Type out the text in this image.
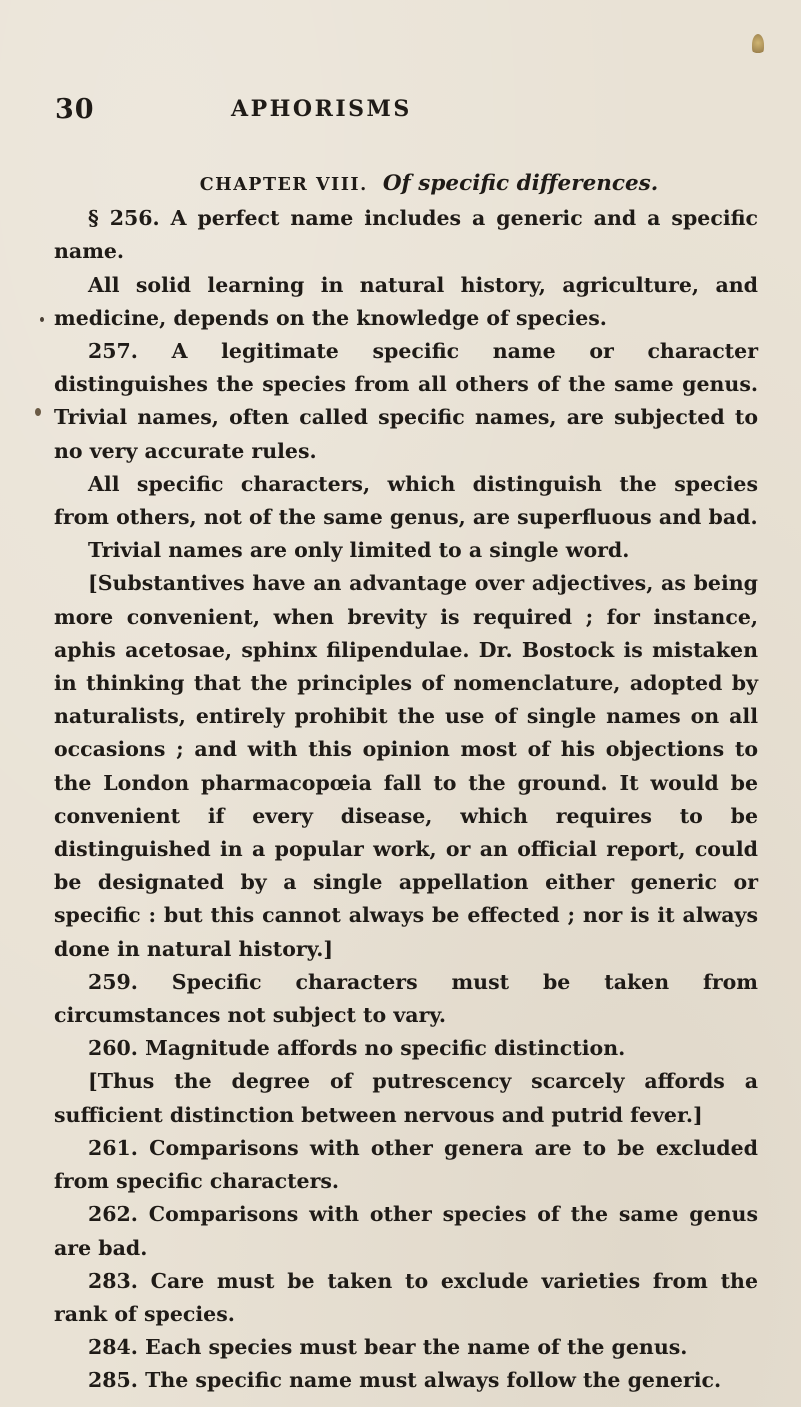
30	APHORISMS
CHAPTER VIII. Of specific differences.

§ 256. A perfect name includes a generic and a specific name.

All solid learning in natural history, agriculture, and medicine, depends on the knowledge of species.

257. A legitimate specific name or character distinguishes the species from all others of the same genus. Trivial names, often called specific names, are subjected to no very accurate rules.

All specific characters, which distinguish the species from others, not of the same genus, are superfluous and bad.

Trivial names are only limited to a single word.

[Substantives have an advantage over adjectives, as being more convenient, when brevity is required ; for instance, aphis acetosae, sphinx filipendulae. Dr. Bostock is mistaken in thinking that the principles of nomenclature, adopted by naturalists, entirely prohibit the use of single names on all occasions ; and with this opinion most of his objections to the London pharmacopœia fall to the ground. It would be convenient if every disease, which requires to be distinguished in a popular work, or an official report, could be designated by a single appellation either generic or specific : but this cannot always be effected ; nor is it always done in natural history.]

259. Specific characters must be taken from circumstances not subject to vary.

260. Magnitude affords no specific distinction.

[Thus the degree of putrescency scarcely affords a sufficient distinction between nervous and putrid fever.]

261. Comparisons with other genera are to be excluded from specific characters.

262. Comparisons with other species of the same genus are bad.

283. Care must be taken to exclude varieties from the rank of species.

284. Each species must bear the name of the genus.

285. The specific name must always follow the generic.
